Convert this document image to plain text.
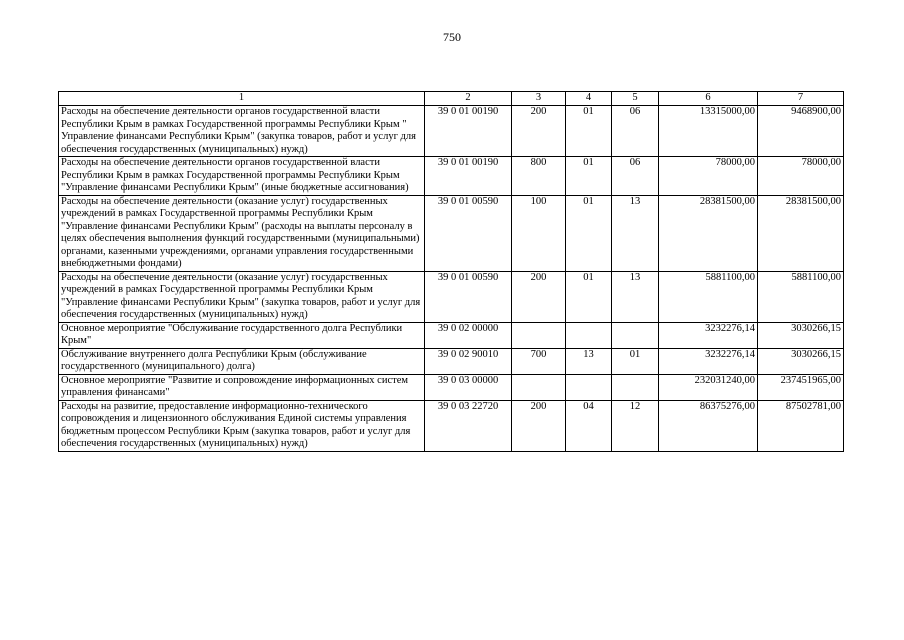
750
1	2	3	4	5	6	7
Расходы на обеспечение деятельности органов государственной власти Республики Крым в рамках Государственной программы Республики Крым " Управление финансами Республики Крым" (закупка товаров, работ и услуг для обеспечения государственных (муниципальных) нужд)	39 0 01 00190	200	01	06	13315000,00	9468900,00
Расходы на обеспечение деятельности органов государственной власти Республики Крым в рамках Государственной программы Республики Крым "Управление финансами Республики Крым" (иные бюджетные ассигнования)	39 0 01 00190	800	01	06	78000,00	78000,00
Расходы на обеспечение деятельности (оказание услуг) государственных учреждений в рамках Государственной программы Республики Крым "Управление финансами Республики Крым" (расходы на выплаты персоналу в целях обеспечения выполнения функций государственными (муниципальными) органами, казенными учреждениями, органами управления государственными внебюджетными фондами)	39 0 01 00590	100	01	13	28381500,00	28381500,00
Расходы на обеспечение деятельности (оказание услуг) государственных учреждений в рамках Государственной программы Республики Крым "Управление финансами Республики Крым" (закупка товаров, работ и услуг для обеспечения государственных (муниципальных) нужд)	39 0 01 00590	200	01	13	5881100,00	5881100,00
Основное мероприятие "Обслуживание государственного долга Республики Крым"	39 0 02 00000				3232276,14	3030266,15
Обслуживание внутреннего долга Республики Крым (обслуживание государственного (муниципального) долга)	39 0 02 90010	700	13	01	3232276,14	3030266,15
Основное мероприятие "Развитие и сопровождение информационных систем управления финансами"	39 0 03 00000				232031240,00	237451965,00
Расходы на развитие, предоставление информационно-технического сопровождения и лицензионного обслуживания Единой системы управления бюджетным процессом Республики Крым (закупка товаров, работ и услуг для обеспечения государственных (муниципальных) нужд)	39 0 03 22720	200	04	12	86375276,00	87502781,00
